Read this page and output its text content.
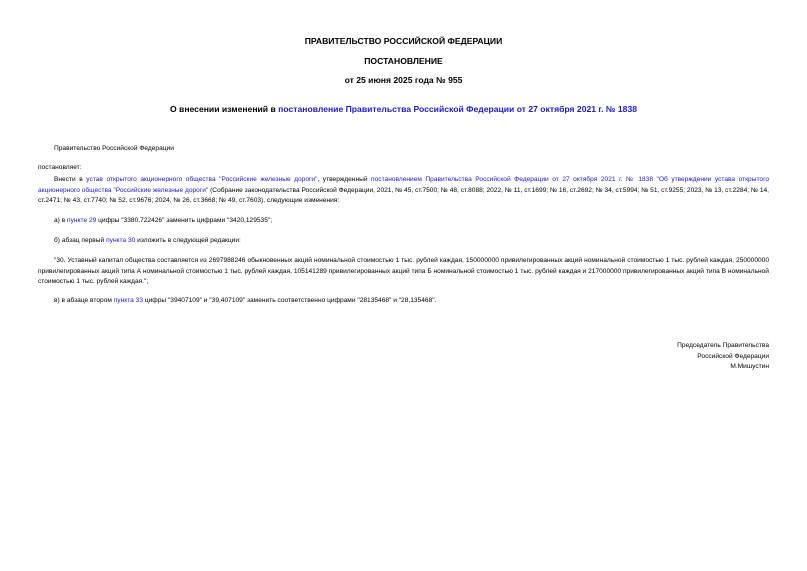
ПРАВИТЕЛЬСТВО РОССИЙСКОЙ ФЕДЕРАЦИИ
ПОСТАНОВЛЕНИЕ
от 25 июня 2025 года № 955
О внесении изменений в постановление Правительства Российской Федерации от 27 октября 2021 г. № 1838
Правительство Российской Федерации
постановляет:
Внести в устав открытого акционерного общества "Российские железные дороги", утвержденный постановлением Правительства Российской Федерации от 27 октября 2021 г. № 1838 "Об утверждении устава открытого акционерного общества "Российские железные дороги" (Собрание законодательства Российской Федерации, 2021, № 45, ст.7500; № 48, ст.8088; 2022, № 11, ст.1699; № 16, ст.2692; № 34, ст.5994; № 51, ст.9255; 2023, № 13, ст.2284; № 14, ст.2471; № 43, ст.7740; № 52, ст.9676; 2024, № 26, ст.3668; № 49, ст.7603), следующие изменения:
а) в пункте 29 цифры "3380,722426" заменить цифрами "3420,129535";
б) абзац первый пункта 30 изложить в следующей редакции:
"30. Уставный капитал общества составляется из 2697988246 обыкновенных акций номинальной стоимостью 1 тыс. рублей каждая, 150000000 привилегированных акций номинальной стоимостью 1 тыс. рублей каждая, 250000000 привилегированных акций типа А номинальной стоимостью 1 тыс. рублей каждая, 105141289 привилегированных акций типа Б номинальной стоимостью 1 тыс. рублей каждая и 217000000 привилегированных акций типа В номинальной стоимостью 1 тыс. рублей каждая.";
в) в абзаце втором пункта 33 цифры "39407109" и "39,407109" заменить соответственно цифрами "28135468" и "28,135468".
Председатель Правительства
Российской Федерации
М.Мишустин
